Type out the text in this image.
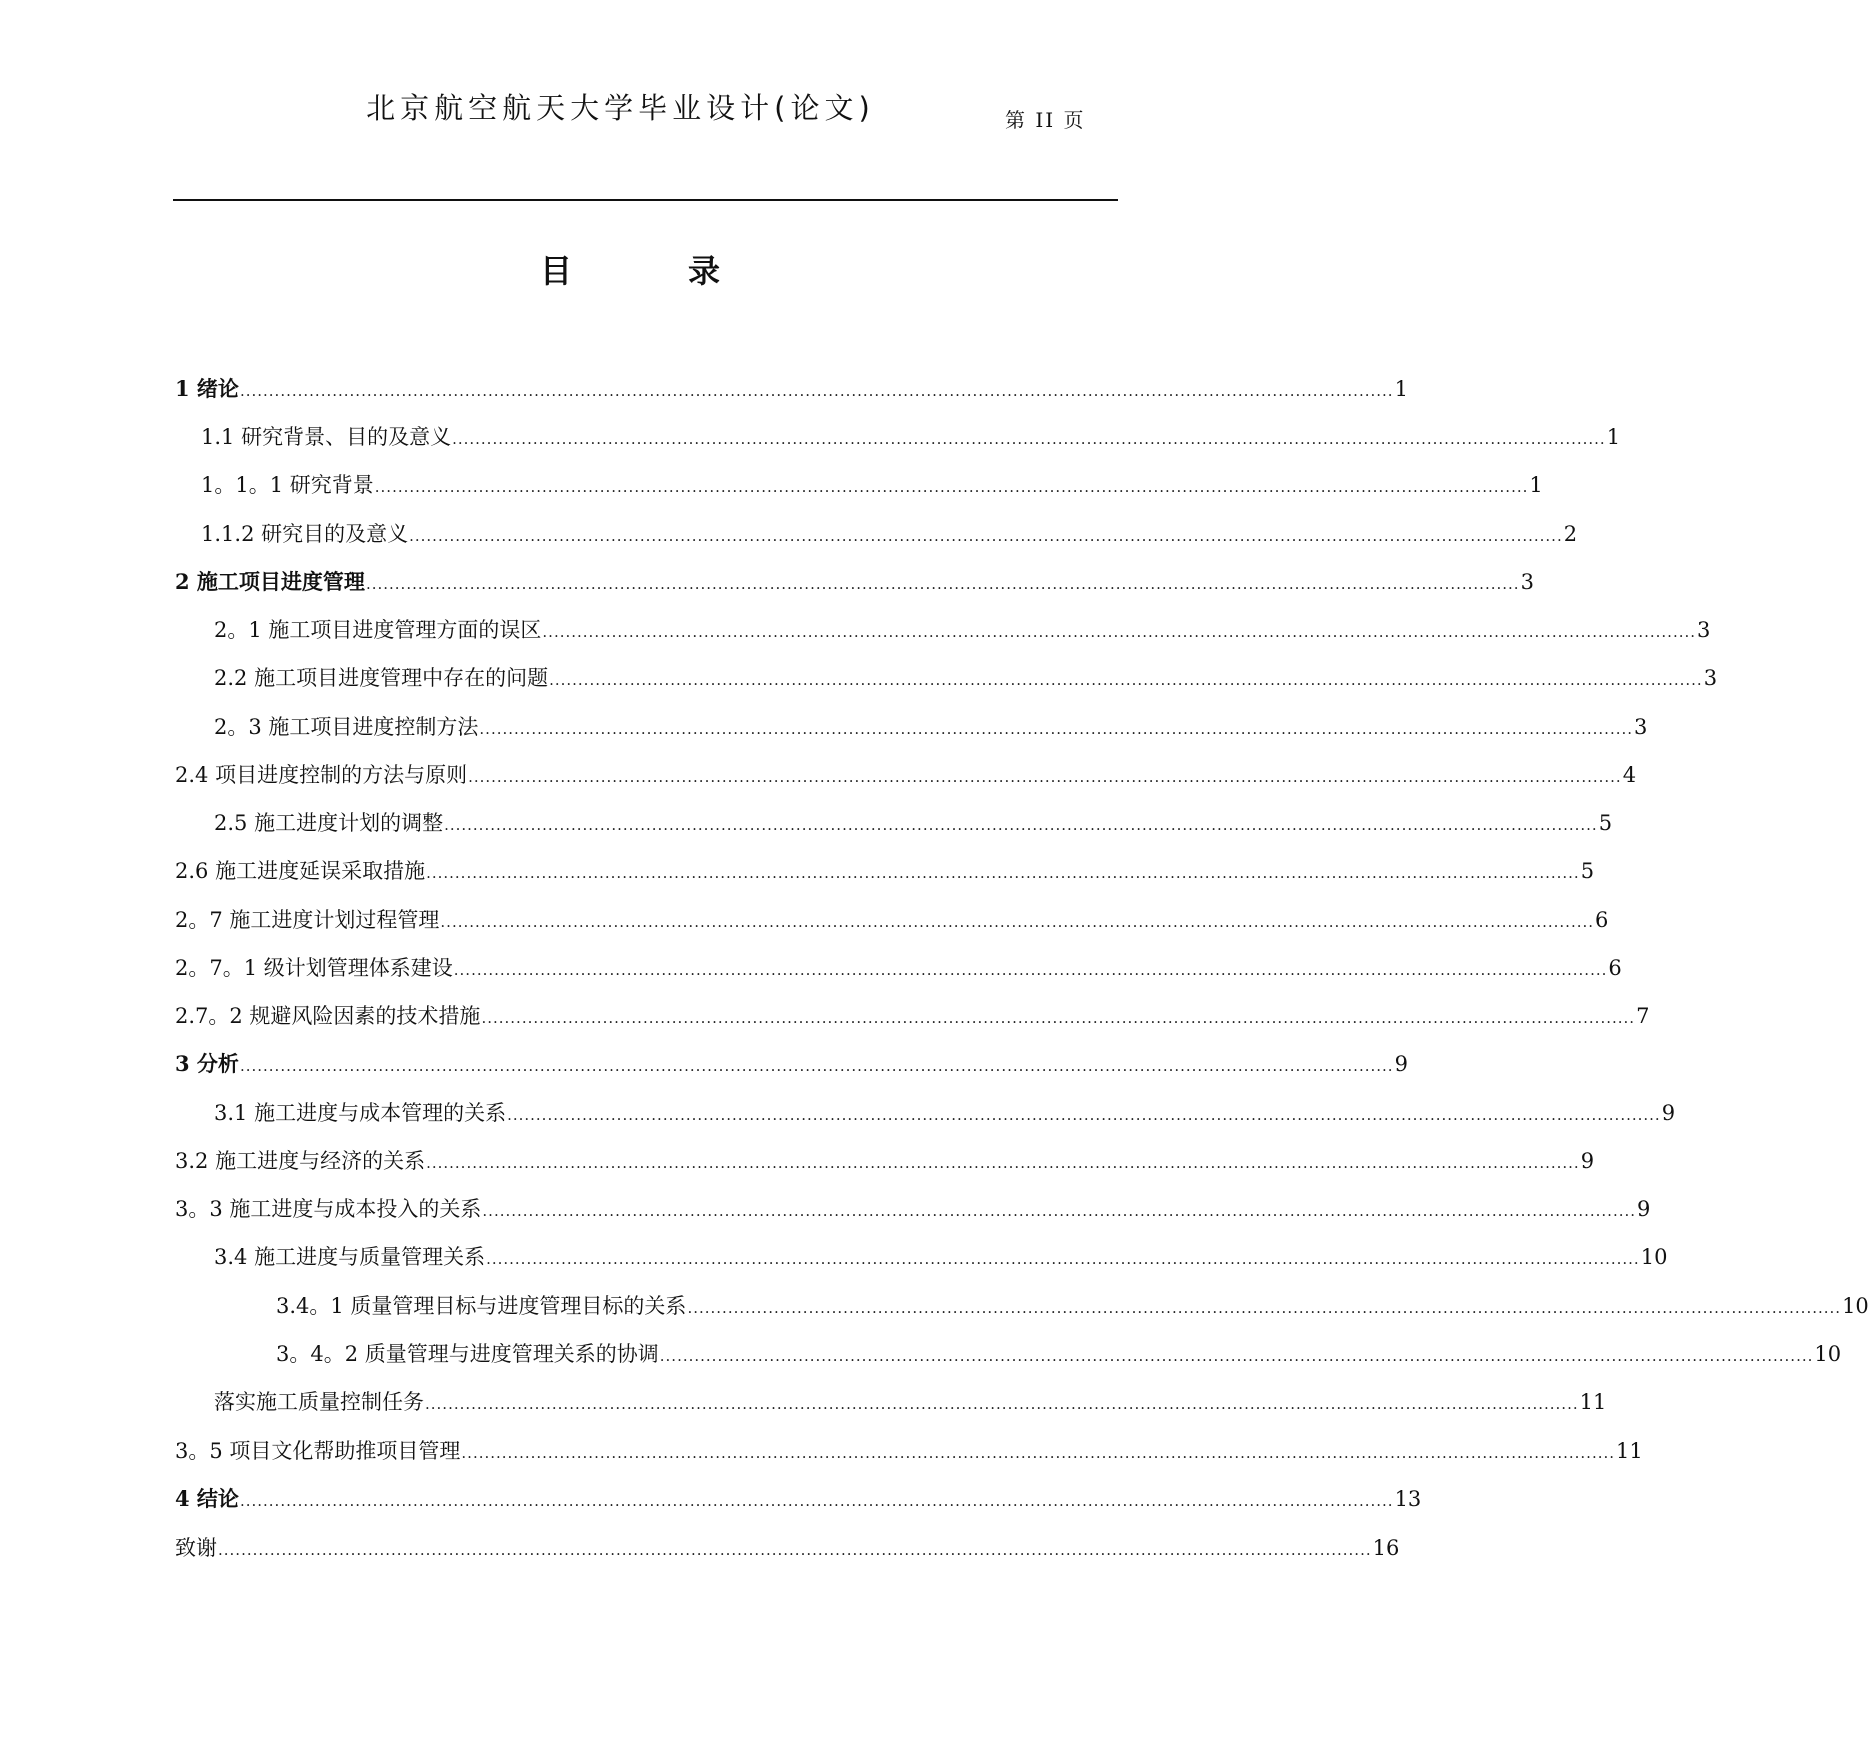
北京航空航天大学毕业设计(论文)	第 II 页
目	录
1 绪论 ........................................................................................................................................................................................................ 1
1.1 研究背景、目的及意义 ........................................................................................................................................................................................................ 1
1。1。1 研究背景 ........................................................................................................................................................................................................ 1
1.1.2 研究目的及意义 ........................................................................................................................................................................................................ 2
2 施工项目进度管理 ........................................................................................................................................................................................................ 3
2。1 施工项目进度管理方面的误区 ........................................................................................................................................................................................................ 3
2.2 施工项目进度管理中存在的问题 ........................................................................................................................................................................................................ 3
2。3 施工项目进度控制方法 ........................................................................................................................................................................................................ 3
2.4 项目进度控制的方法与原则 ........................................................................................................................................................................................................ 4
2.5 施工进度计划的调整 ........................................................................................................................................................................................................ 5
2.6 施工进度延误采取措施 ........................................................................................................................................................................................................ 5
2。7 施工进度计划过程管理 ........................................................................................................................................................................................................ 6
2。7。1 级计划管理体系建设 ........................................................................................................................................................................................................ 6
2.7。2 规避风险因素的技术措施 ........................................................................................................................................................................................................ 7
3 分析 ........................................................................................................................................................................................................ 9
3.1 施工进度与成本管理的关系 ........................................................................................................................................................................................................ 9
3.2 施工进度与经济的关系 ........................................................................................................................................................................................................ 9
3。3 施工进度与成本投入的关系 ........................................................................................................................................................................................................ 9
3.4 施工进度与质量管理关系 ........................................................................................................................................................................................................ 10
3.4。1 质量管理目标与进度管理目标的关系 ........................................................................................................................................................................................................ 10
3。4。2 质量管理与进度管理关系的协调 ........................................................................................................................................................................................................ 10
落实施工质量控制任务 ........................................................................................................................................................................................................ 11
3。5 项目文化帮助推项目管理 ........................................................................................................................................................................................................ 11
4 结论 ........................................................................................................................................................................................................ 13
致谢 ........................................................................................................................................................................................................ 16
